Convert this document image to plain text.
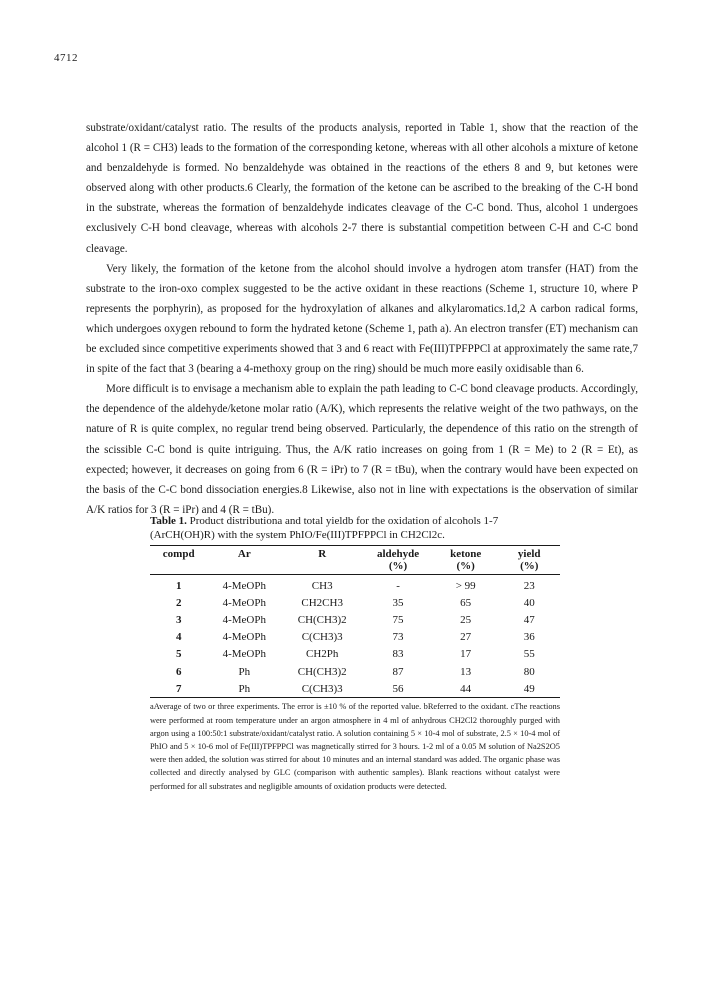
4712

substrate/oxidant/catalyst ratio. The results of the products analysis, reported in Table 1, show that the reaction of the alcohol 1 (R = CH3) leads to the formation of the corresponding ketone, whereas with all other alcohols a mixture of ketone and benzaldehyde is formed. No benzaldehyde was obtained in the reactions of the ethers 8 and 9, but ketones were observed along with other products.6 Clearly, the formation of the ketone can be ascribed to the breaking of the C-H bond in the substrate, whereas the formation of benzaldehyde indicates cleavage of the C-C bond. Thus, alcohol 1 undergoes exclusively C-H bond cleavage, whereas with alcohols 2-7 there is substantial competition between C-H and C-C bond cleavage.

Very likely, the formation of the ketone from the alcohol should involve a hydrogen atom transfer (HAT) from the substrate to the iron-oxo complex suggested to be the active oxidant in these reactions (Scheme 1, structure 10, where P represents the porphyrin), as proposed for the hydroxylation of alkanes and alkylaromatics.1d,2 A carbon radical forms, which undergoes oxygen rebound to form the hydrated ketone (Scheme 1, path a). An electron transfer (ET) mechanism can be excluded since competitive experiments showed that 3 and 6 react with Fe(III)TPFPPCl at approximately the same rate,7 in spite of the fact that 3 (bearing a 4-methoxy group on the ring) should be much more easily oxidisable than 6.

More difficult is to envisage a mechanism able to explain the path leading to C-C bond cleavage products. Accordingly, the dependence of the aldehyde/ketone molar ratio (A/K), which represents the relative weight of the two pathways, on the nature of R is quite complex, no regular trend being observed. Particularly, the dependence of this ratio on the strength of the scissible C-C bond is quite intriguing. Thus, the A/K ratio increases on going from 1 (R = Me) to 2 (R = Et), as expected; however, it decreases on going from 6 (R = iPr) to 7 (R = tBu), when the contrary would have been expected on the basis of the C-C bond dissociation energies.8 Likewise, also not in line with expectations is the observation of similar A/K ratios for 3 (R = iPr) and 4 (R = tBu).

Table 1. Product distributiona and total yieldb for the oxidation of alcohols 1-7 (ArCH(OH)R) with the system PhIO/Fe(III)TPFPPCl in CH2Cl2c.
compd	Ar	R	aldehyde	ketone	yield
			(%)	(%)	(%)
1	4-MeOPh	CH3	-	> 99	23
2	4-MeOPh	CH2CH3	35	65	40
3	4-MeOPh	CH(CH3)2	75	25	47
4	4-MeOPh	C(CH3)3	73	27	36
5	4-MeOPh	CH2Ph	83	17	55
6	Ph	CH(CH3)2	87	13	80
7	Ph	C(CH3)3	56	44	49
aAverage of two or three experiments. The error is ±10 % of the reported value. bReferred to the oxidant. cThe reactions were performed at room temperature under an argon atmosphere in 4 ml of anhydrous CH2Cl2 thoroughly purged with argon using a 100:50:1 substrate/oxidant/catalyst ratio. A solution containing 5 × 10-4 mol of substrate, 2.5 × 10-4 mol of PhIO and 5 × 10-6 mol of Fe(III)TPFPPCl was magnetically stirred for 3 hours. 1-2 ml of a 0.05 M solution of Na2S2O5 were then added, the solution was stirred for about 10 minutes and an internal standard was added. The organic phase was collected and directly analysed by GLC (comparison with authentic samples). Blank reactions without catalyst were performed for all substrates and negligible amounts of oxidation products were detected.
